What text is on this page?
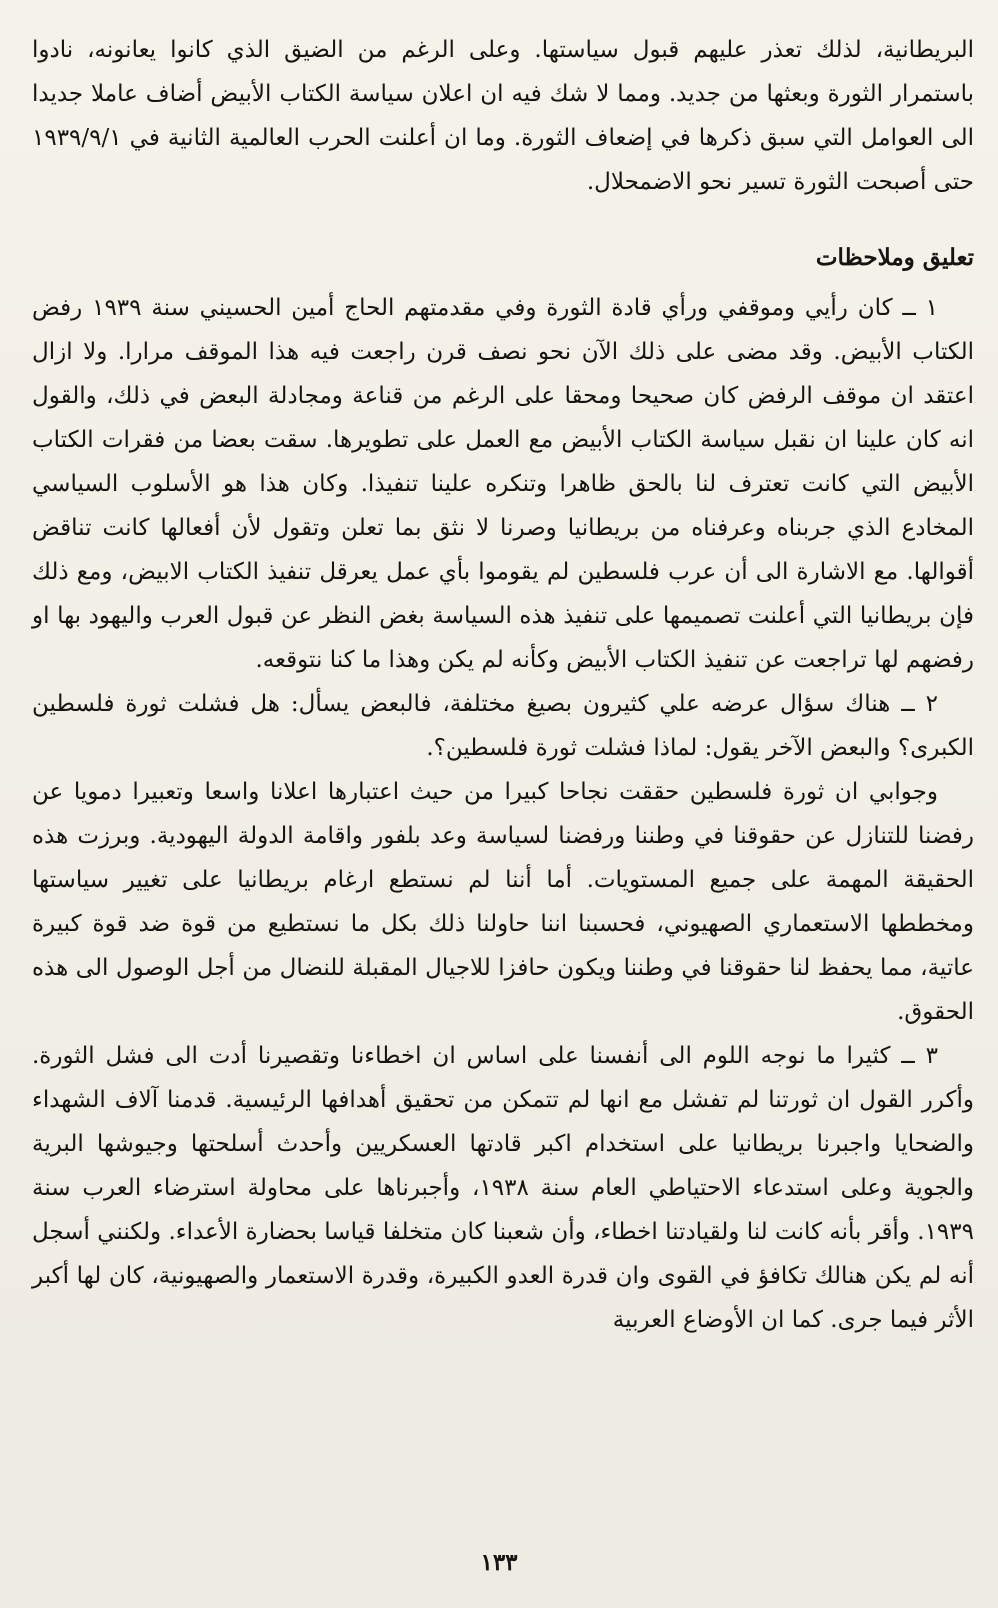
البريطانية، لذلك تعذر عليهم قبول سياستها. وعلى الرغم من الضيق الذي كانوا يعانونه، نادوا باستمرار الثورة وبعثها من جديد. ومما لا شك فيه ان اعلان سياسة الكتاب الأبيض أضاف عاملا جديدا الى العوامل التي سبق ذكرها في إضعاف الثورة. وما ان أعلنت الحرب العالمية الثانية في ١٩٣٩/٩/١ حتى أصبحت الثورة تسير نحو الاضمحلال.

تعليق وملاحظات

١ ــ كان رأيي وموقفي ورأي قادة الثورة وفي مقدمتهم الحاج أمين الحسيني سنة ١٩٣٩ رفض الكتاب الأبيض. وقد مضى على ذلك الآن نحو نصف قرن راجعت فيه هذا الموقف مرارا. ولا ازال اعتقد ان موقف الرفض كان صحيحا ومحقا على الرغم من قناعة ومجادلة البعض في ذلك، والقول انه كان علينا ان نقبل سياسة الكتاب الأبيض مع العمل على تطويرها. سقت بعضا من فقرات الكتاب الأبيض التي كانت تعترف لنا بالحق ظاهرا وتنكره علينا تنفيذا. وكان هذا هو الأسلوب السياسي المخادع الذي جربناه وعرفناه من بريطانيا وصرنا لا نثق بما تعلن وتقول لأن أفعالها كانت تناقض أقوالها. مع الاشارة الى أن عرب فلسطين لم يقوموا بأي عمل يعرقل تنفيذ الكتاب الابيض، ومع ذلك فإن بريطانيا التي أعلنت تصميمها على تنفيذ هذه السياسة بغض النظر عن قبول العرب واليهود بها او رفضهم لها تراجعت عن تنفيذ الكتاب الأبيض وكأنه لم يكن وهذا ما كنا نتوقعه.

٢ ــ هناك سؤال عرضه علي كثيرون بصيغ مختلفة، فالبعض يسأل: هل فشلت ثورة فلسطين الكبرى؟ والبعض الآخر يقول: لماذا فشلت ثورة فلسطين؟.

وجوابي ان ثورة فلسطين حققت نجاحا كبيرا من حيث اعتبارها اعلانا واسعا وتعبيرا دمويا عن رفضنا للتنازل عن حقوقنا في وطننا ورفضنا لسياسة وعد بلفور واقامة الدولة اليهودية. وبرزت هذه الحقيقة المهمة على جميع المستويات. أما أننا لم نستطع ارغام بريطانيا على تغيير سياستها ومخططها الاستعماري الصهيوني، فحسبنا اننا حاولنا ذلك بكل ما نستطيع من قوة ضد قوة كبيرة عاتية، مما يحفظ لنا حقوقنا في وطننا ويكون حافزا للاجيال المقبلة للنضال من أجل الوصول الى هذه الحقوق.

٣ ــ كثيرا ما نوجه اللوم الى أنفسنا على اساس ان اخطاءنا وتقصيرنا أدت الى فشل الثورة. وأكرر القول ان ثورتنا لم تفشل مع انها لم تتمكن من تحقيق أهدافها الرئيسية. قدمنا آلاف الشهداء والضحايا واجبرنا بريطانيا على استخدام اكبر قادتها العسكريين وأحدث أسلحتها وجيوشها البرية والجوية وعلى استدعاء الاحتياطي العام سنة ١٩٣٨، وأجبرناها على محاولة استرضاء العرب سنة ١٩٣٩. وأقر بأنه كانت لنا ولقيادتنا اخطاء، وأن شعبنا كان متخلفا قياسا بحضارة الأعداء. ولكنني أسجل أنه لم يكن هنالك تكافؤ في القوى وان قدرة العدو الكبيرة، وقدرة الاستعمار والصهيونية، كان لها أكبر الأثر فيما جرى. كما ان الأوضاع العربية

١٣٣
